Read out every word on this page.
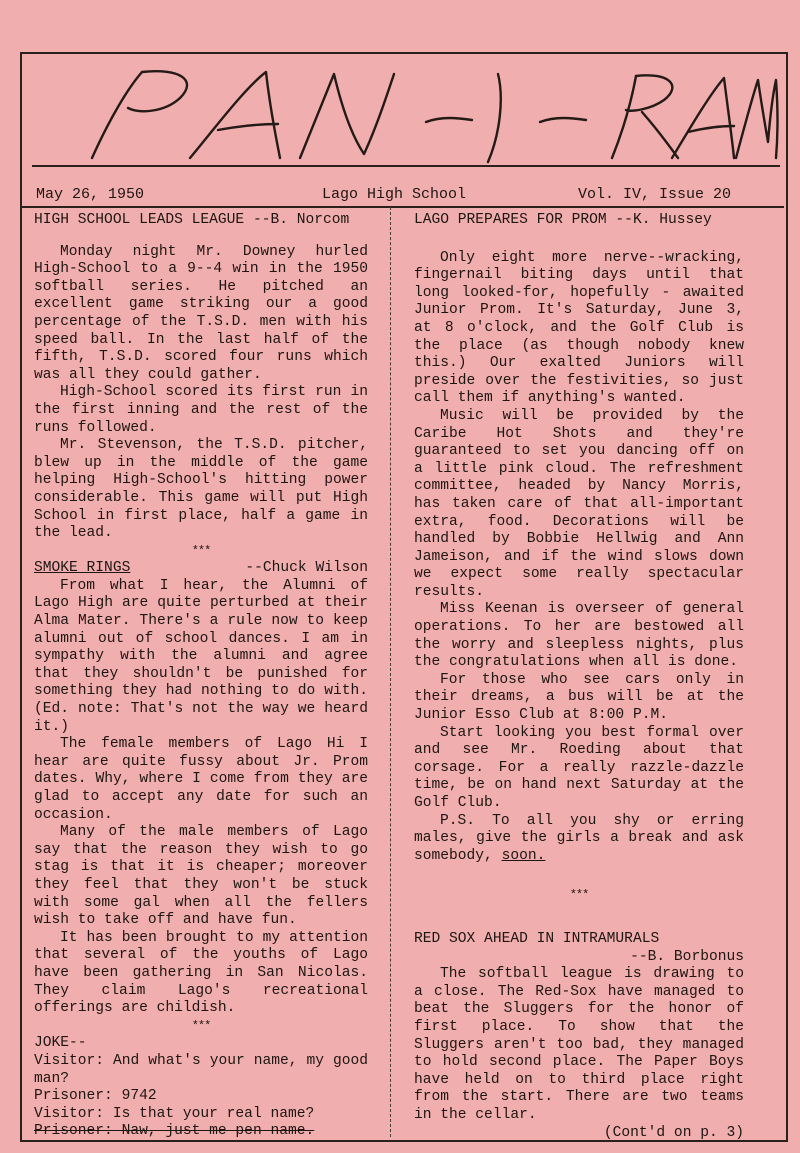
PAN-O-RAM
May 26, 1950	Lago High School	Vol. IV, Issue 20
HIGH SCHOOL LEADS LEAGUE --B. Norcom

Monday night Mr. Downey hurled High-School to a 9--4 win in the 1950 softball series. He pitched an excellent game striking our a good percentage of the T.S.D. men with his speed ball. In the last half of the fifth, T.S.D. scored four runs which was all they could gather.

High-School scored its first run in the first inning and the rest of the runs followed.

Mr. Stevenson, the T.S.D. pitcher, blew up in the middle of the game helping High-School's hitting power considerable. This game will put High School in first place, half a game in the lead.

***
SMOKE RINGS	--Chuck Wilson

From what I hear, the Alumni of Lago High are quite perturbed at their Alma Mater. There's a rule now to keep alumni out of school dances. I am in sympathy with the alumni and agree that they shouldn't be punished for something they had nothing to do with. (Ed. note: That's not the way we heard it.)

The female members of Lago Hi I hear are quite fussy about Jr. Prom dates. Why, where I come from they are glad to accept any date for such an occasion.

Many of the male members of Lago say that the reason they wish to go stag is that it is cheaper; moreover they feel that they won't be stuck with some gal when all the fellers wish to take off and have fun.

It has been brought to my attention that several of the youths of Lago have been gathering in San Nicolas. They claim Lago's recreational offerings are childish.

***
JOKE--

Visitor: And what's your name, my good man?

Prisoner: 9742

Visitor: Is that your real name?

Prisoner: Naw, just me pen name.

LAGO PREPARES FOR PROM --K. Hussey

Only eight more nerve--wracking, fingernail biting days until that long looked-for, hopefully - awaited Junior Prom. It's Saturday, June 3, at 8 o'clock, and the Golf Club is the place (as though nobody knew this.) Our exalted Juniors will preside over the festivities, so just call them if anything's wanted.

Music will be provided by the Caribe Hot Shots and they're guaranteed to set you dancing off on a little pink cloud. The refreshment committee, headed by Nancy Morris, has taken care of that all-important extra, food. Decorations will be handled by Bobbie Hellwig and Ann Jameison, and if the wind slows down we expect some really spectacular results.

Miss Keenan is overseer of general operations. To her are bestowed all the worry and sleepless nights, plus the congratulations when all is done.

For those who see cars only in their dreams, a bus will be at the Junior Esso Club at 8:00 P.M.

Start looking you best formal over and see Mr. Roeding about that corsage. For a really razzle-dazzle time, be on hand next Saturday at the Golf Club.

P.S. To all you shy or erring males, give the girls a break and ask somebody, soon.

***
RED SOX AHEAD IN INTRAMURALS
--B. Borbonus

The softball league is drawing to a close. The Red-Sox have managed to beat the Sluggers for the honor of first place. To show that the Sluggers aren't too bad, they managed to hold second place. The Paper Boys have held on to third place right from the start. There are two teams in the cellar.

(Cont'd on p. 3)
